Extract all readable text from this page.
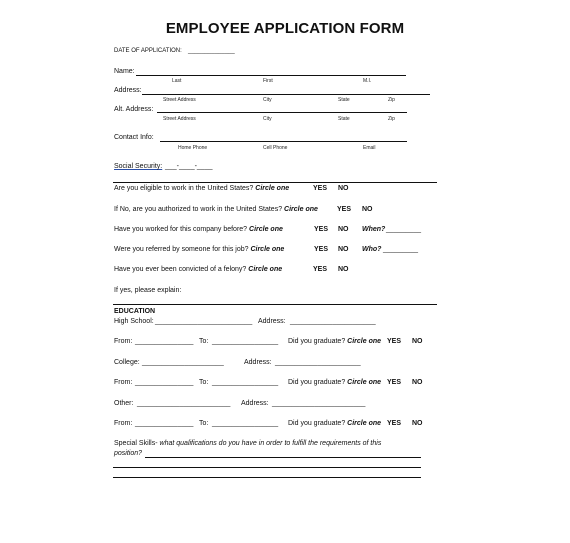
EMPLOYEE APPLICATION FORM
DATE OF APPLICATION: ______________
Name:
Last	First	M.I.
Address:
Street Address	City	State	Zip
Alt. Address:
Street Address	City	State	Zip
Contact Info:
Home Phone	Cell Phone	Email
Social Security: ___-____-____
Are you eligible to work in the United States? Circle one	YES NO
If No, are you authorized to work in the United States? Circle one	YES NO
Have you worked for this company before? Circle one	YES NO When? _________
Were you referred by someone for this job? Circle one	YES NO Who? _________
Have you ever been convicted of a felony? Circle one	YES NO
If yes, please explain:
EDUCATION
High School: _________________________ Address: ______________________
From: _______________ To: _________________ Did you graduate? Circle one YES NO
College: _____________________	Address: ______________________
From: _______________ To: _________________ Did you graduate? Circle one YES NO
Other: ________________________ Address: ________________________
From: _______________ To: _________________ Did you graduate? Circle one YES NO
Special Skills- what qualifications do you have in order to fulfill the requirements of this
position?
